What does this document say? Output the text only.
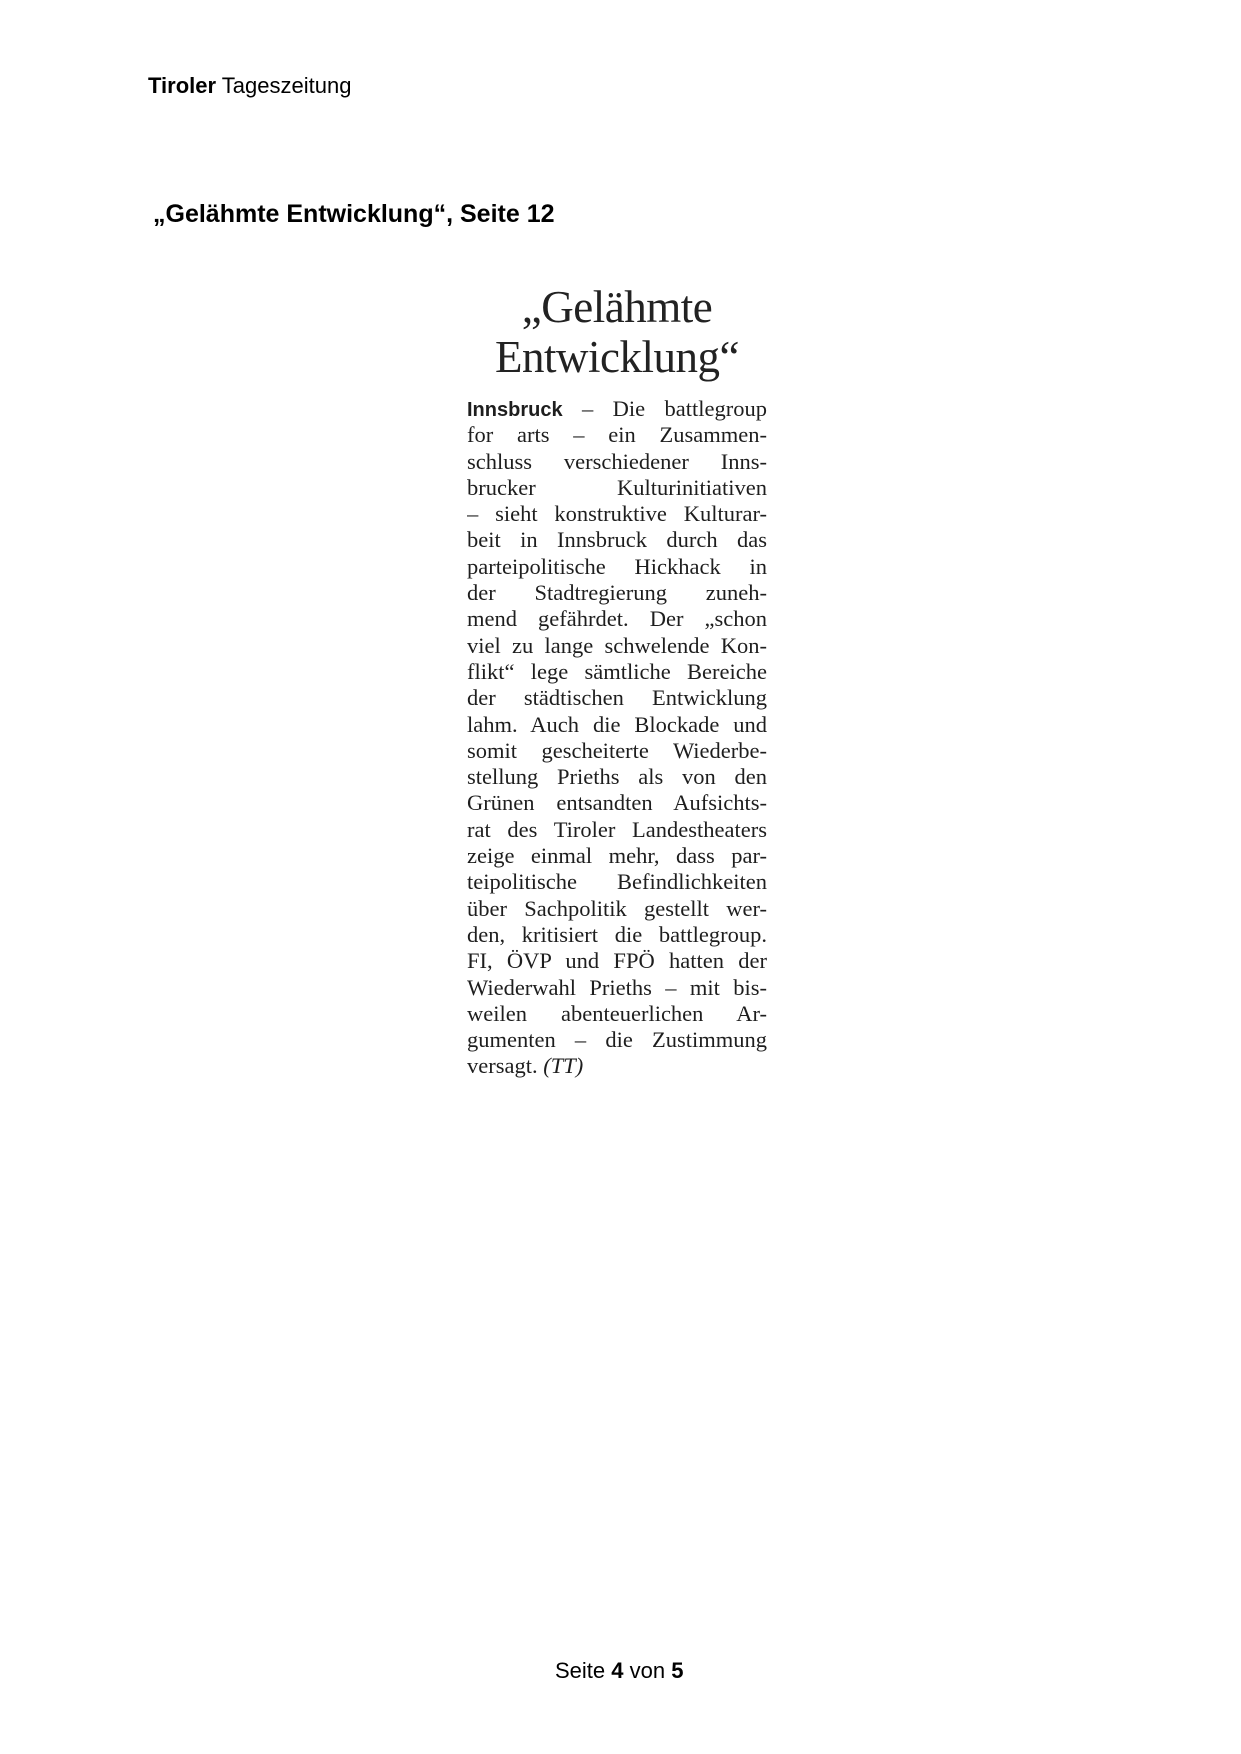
Tiroler Tageszeitung
„Gelähmte Entwicklung“, Seite 12
„Gelähmte
Entwicklung“
Innsbruck – Die battlegroup
for arts – ein Zusammen-
schluss verschiedener Inns-
brucker Kulturinitiativen
– sieht konstruktive Kulturar-
beit in Innsbruck durch das
parteipolitische Hickhack in
der Stadtregierung zuneh-
mend gefährdet. Der „schon
viel zu lange schwelende Kon-
flikt“ lege sämtliche Bereiche
der städtischen Entwicklung
lahm. Auch die Blockade und
somit gescheiterte Wiederbe-
stellung Prieths als von den
Grünen entsandten Aufsichts-
rat des Tiroler Landestheaters
zeige einmal mehr, dass par-
teipolitische Befindlichkeiten
über Sachpolitik gestellt wer-
den, kritisiert die battlegroup.
FI, ÖVP und FPÖ hatten der
Wiederwahl Prieths – mit bis-
weilen abenteuerlichen Ar-
gumenten – die Zustimmung
versagt. (TT)
Seite 4 von 5
